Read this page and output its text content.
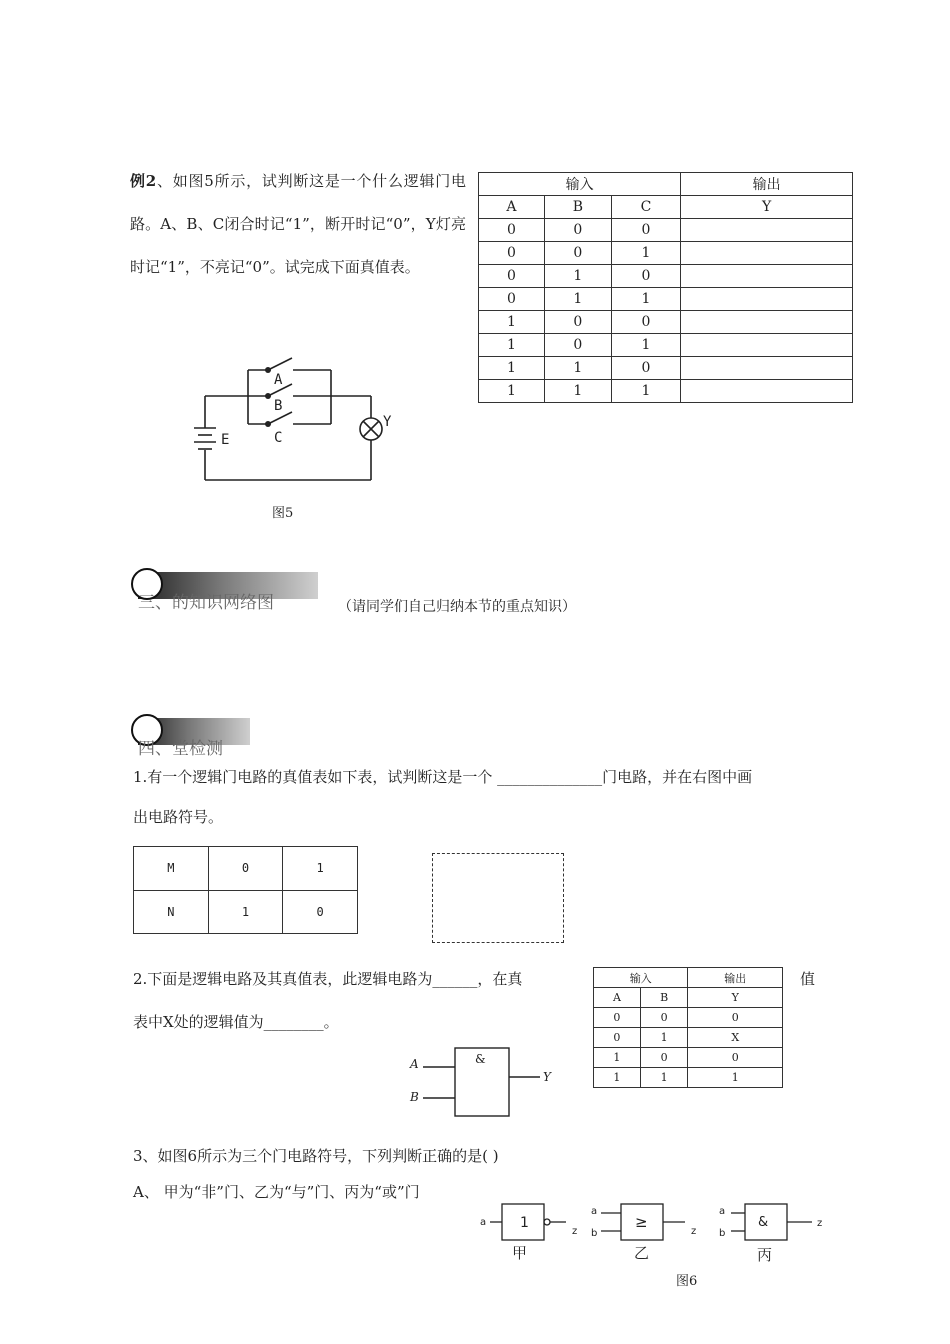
例2、如图5所示，试判断这是一个什么逻辑门电路。A、B、C闭合时记“1”，断开时记“0”，Y灯亮时记“1”，不亮记“0”。试完成下面真值表。
输入			输出
A	B	C	Y
0	0	0	
0	0	1	
0	1	0	
0	1	1	
1	0	0	
1	0	1	
1	1	0	
1	1	1	
A
B
C
E
Y
图5
三、的知识网络图	（请同学们自己归纳本节的重点知识）
四、堂检测
1.有一个逻辑门电路的真值表如下表，试判断这是一个 ______________门电路，并在右图中画
出电路符号。
M	0	1
N	1	0
2.下面是逻辑电路及其真值表，此逻辑电路为______，在真	值
表中X处的逻辑值为________。
输入		输出
A	B	Y
0	0	0
0	1	X
1	0	0
1	1	1
&
A
B
Y
3、如图6所示为三个门电路符号，下列判断正确的是( )
A、 甲为“非”门、乙为“与”门、丙为“或”门
a 1
z
甲
a
b
≥
z
乙
a
b
&	z
丙
图6
